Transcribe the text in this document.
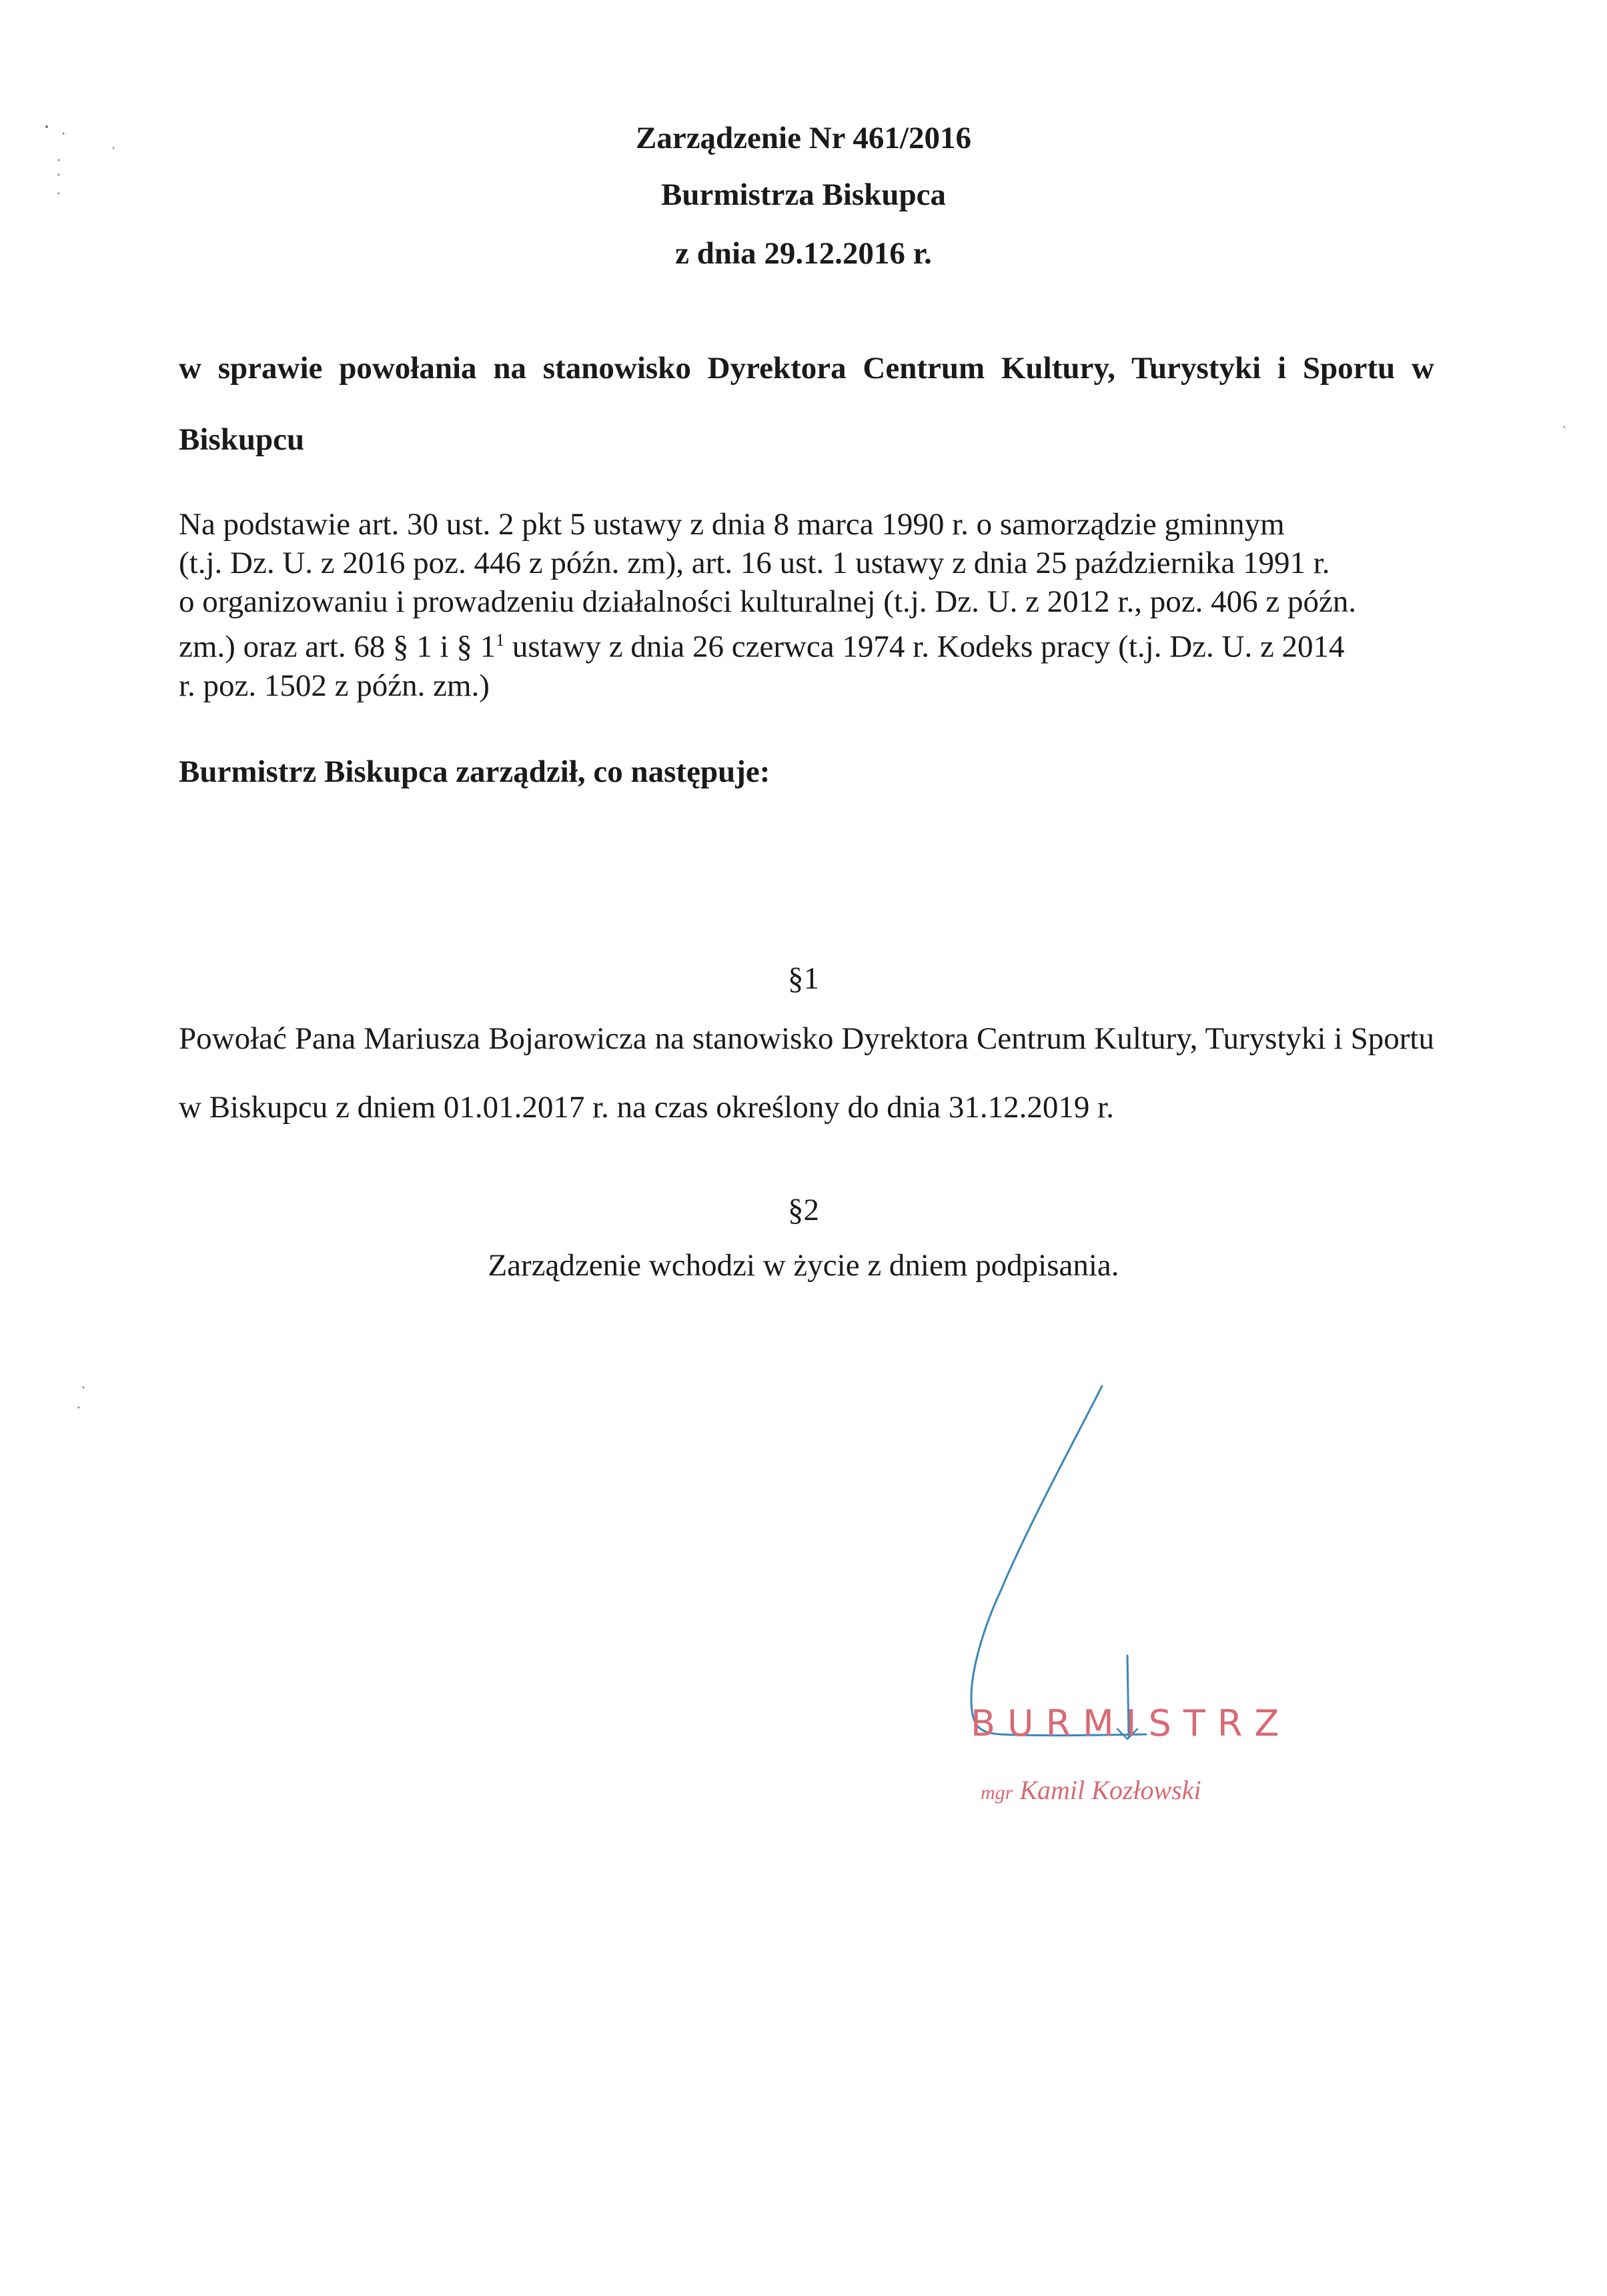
Zarządzenie Nr 461/2016
Burmistrza Biskupca
z dnia 29.12.2016 r.
w sprawie powołania na stanowisko Dyrektora Centrum Kultury, Turystyki i Sportu w Biskupcu
Na podstawie art. 30 ust. 2 pkt 5 ustawy z dnia 8 marca 1990 r. o samorządzie gminnym
(t.j. Dz. U. z 2016 poz. 446 z późn. zm), art. 16 ust. 1 ustawy z dnia 25 października 1991 r.
o organizowaniu i prowadzeniu działalności kulturalnej (t.j. Dz. U. z 2012 r., poz. 406 z późn.
zm.) oraz art. 68 § 1 i § $1^1$ ustawy z dnia 26 czerwca 1974 r. Kodeks pracy (t.j. Dz. U. z 2014
r. poz. 1502 z późn. zm.)
Burmistrz Biskupca zarządził, co następuje:
§1
Powołać Pana Mariusza Bojarowicza na stanowisko Dyrektora Centrum Kultury, Turystyki i Sportu w Biskupcu z dniem 01.01.2017 r. na czas określony do dnia 31.12.2019 r.
§2
Zarządzenie wchodzi w życie z dniem podpisania.
BURMISTRZ
mgr Kamil Kozłowski
